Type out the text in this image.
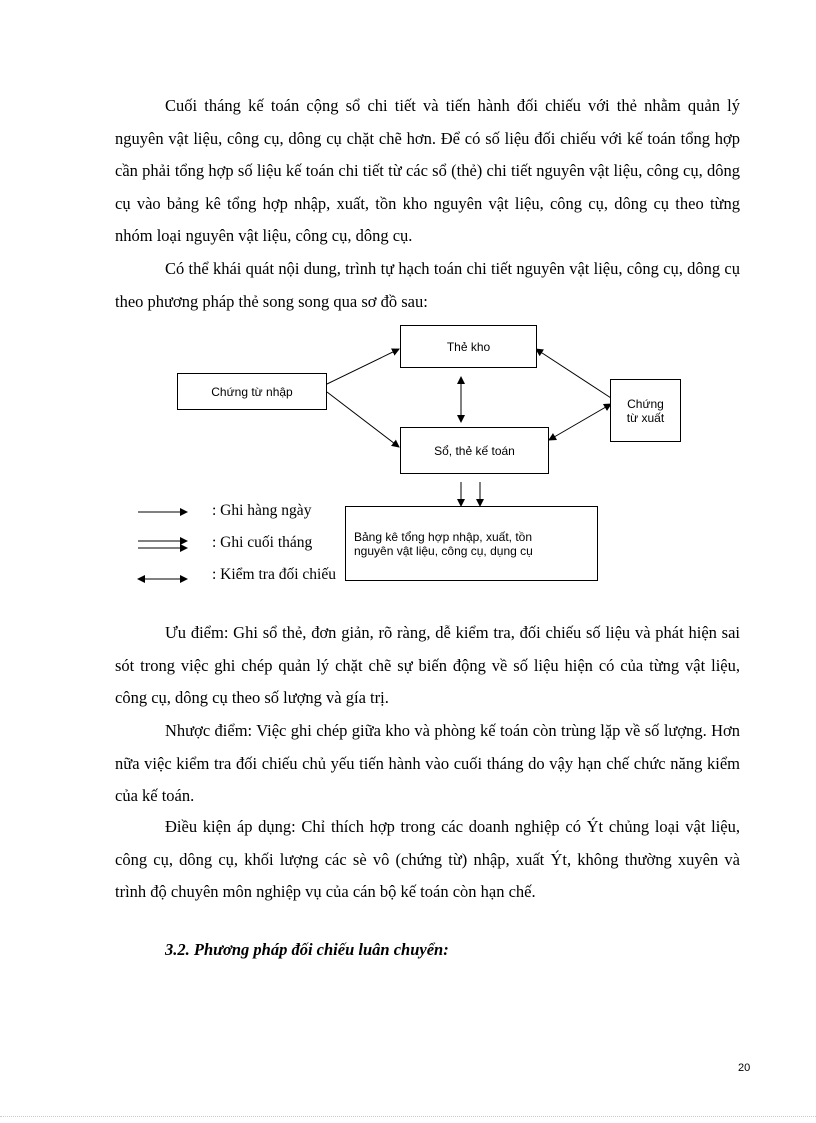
Cuối tháng kế toán cộng sổ chi tiết và tiến hành đối chiếu với thẻ nhằm quản lý nguyên vật liệu, công cụ, dông cụ chặt chẽ hơn. Để có số liệu đối chiếu với kế toán tổng hợp cần phải tổng hợp số liệu kế toán chi tiết từ các sổ (thẻ) chi tiết nguyên vật liệu, công cụ, dông cụ vào bảng kê tổng hợp nhập, xuất, tồn kho nguyên vật liệu, công cụ, dông cụ theo từng nhóm loại nguyên vật liệu, công cụ, dông cụ.

Có thể khái quát nội dung, trình tự hạch toán chi tiết nguyên vật liệu, công cụ, dông cụ theo phương pháp thẻ song song qua sơ đồ sau:

: Ghi hàng ngày
: Ghi cuối tháng
: Kiểm tra đối chiếu
Thẻ kho
Chứng từ nhập
Chứng
từ xuất
Sổ, thẻ kế toán
Bảng kê tổng hợp nhập, xuất, tồn
nguyên vật liệu, công cụ, dụng cụ

Ưu điểm: Ghi sổ thẻ, đơn giản, rõ ràng, dễ kiểm tra, đối chiếu số liệu và phát hiện sai sót trong việc ghi chép quản lý chặt chẽ sự biến động về số liệu hiện có của từng vật liệu, công cụ, dông cụ theo số lượng và gía trị.

Nhược điểm: Việc ghi chép giữa kho và phòng kế toán còn trùng lặp về số lượng. Hơn nữa việc kiểm tra đối chiếu chủ yếu tiến hành vào cuối tháng do vậy hạn chế chức năng kiểm của kế toán.

Điều kiện áp dụng: Chỉ thích hợp trong các doanh nghiệp có Ýt chủng loại vật liệu, công cụ, dông cụ, khối lượng các sè vô (chứng từ) nhập, xuất Ýt, không thường xuyên và trình độ chuyên môn nghiệp vụ của cán bộ kế toán còn hạn chế.

3.2. Phương pháp đối chiếu luân chuyển:

20
